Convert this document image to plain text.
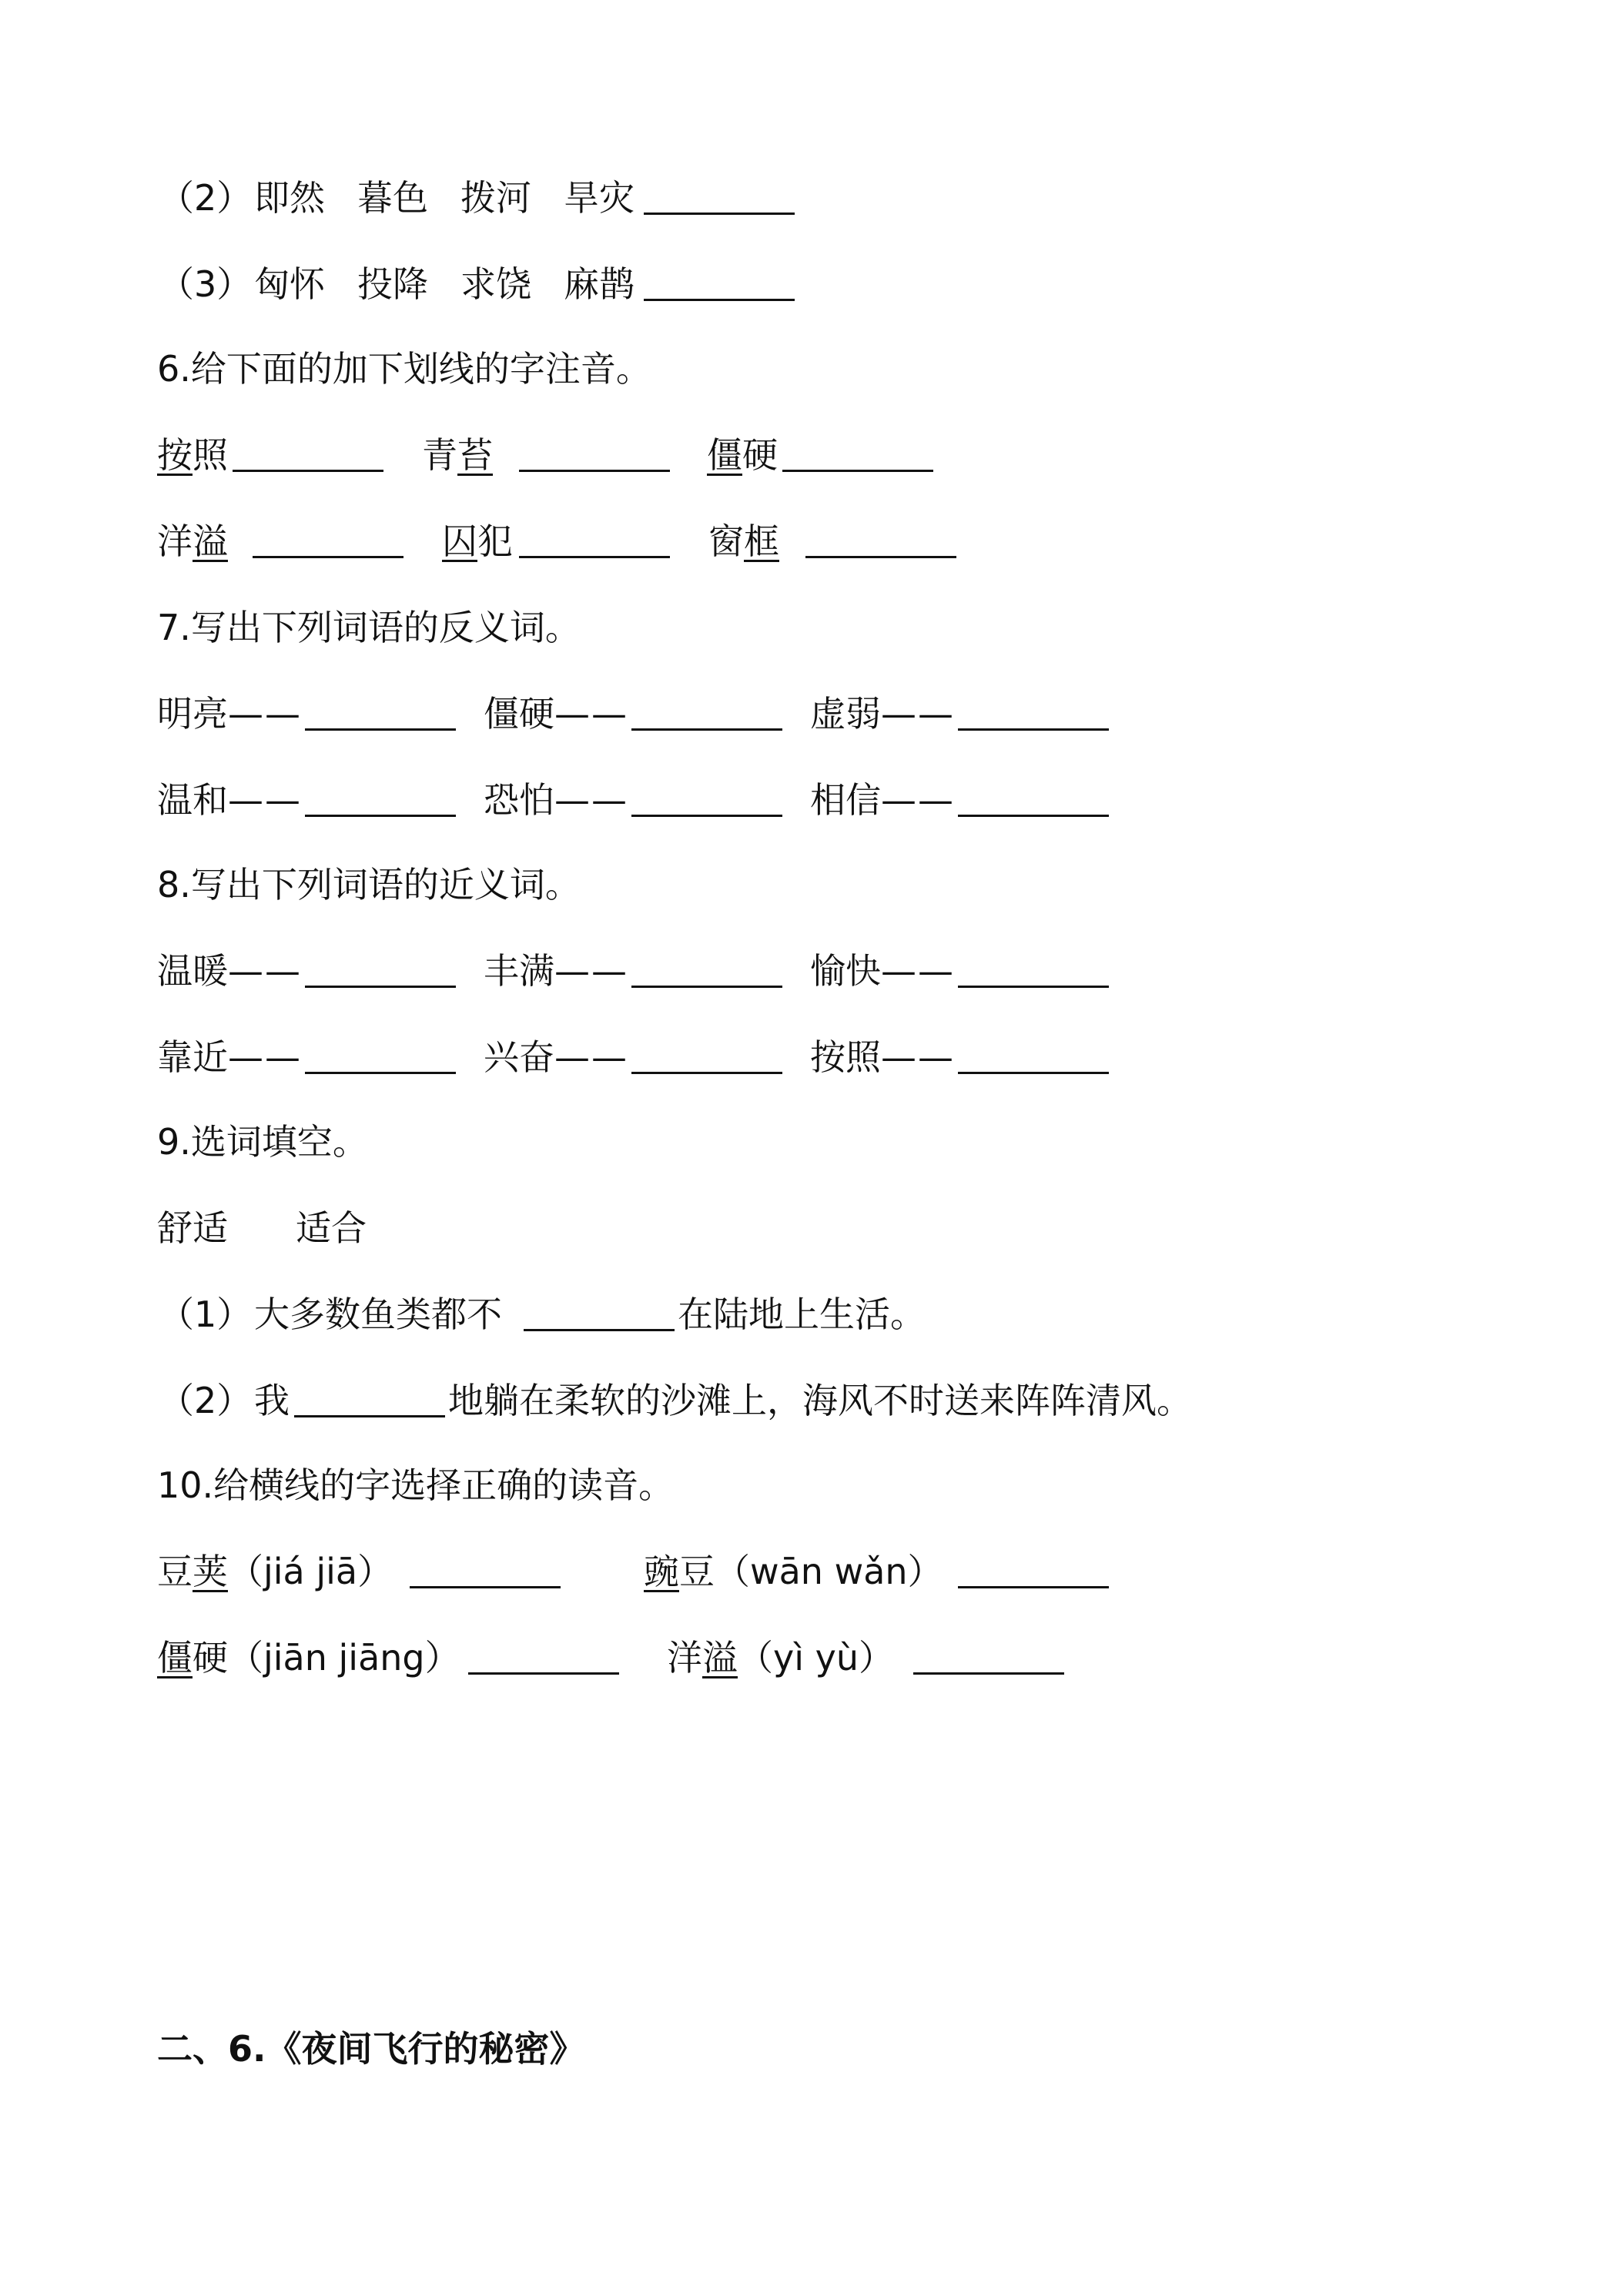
（2） 即然 暮色 拨河 旱灾
（3） 匈怀 投降 求饶 麻鹊
6.给下面的加下划线的字注音。
按照	青苔	僵硬
洋溢	囚犯	窗框
7.写出下列词语的反义词。
明亮——	僵硬——	虚弱——
温和——	恐怕——	相信——
8.写出下列词语的近义词。
温暖——	丰满——	愉快——
靠近——	兴奋——	按照——
9.选词填空。
舒适 适合
（1） 大多数鱼类都不	在陆地上生活。
（2） 我	地躺在柔软的沙滩上，海风不时送来阵阵清风。
10.给横线的字选择正确的读音。
豆荚（jiá jiā）	豌豆（wān wǎn）
僵硬（jiān jiāng）	洋溢（yì yù）
二、6.《夜间飞行的秘密》
